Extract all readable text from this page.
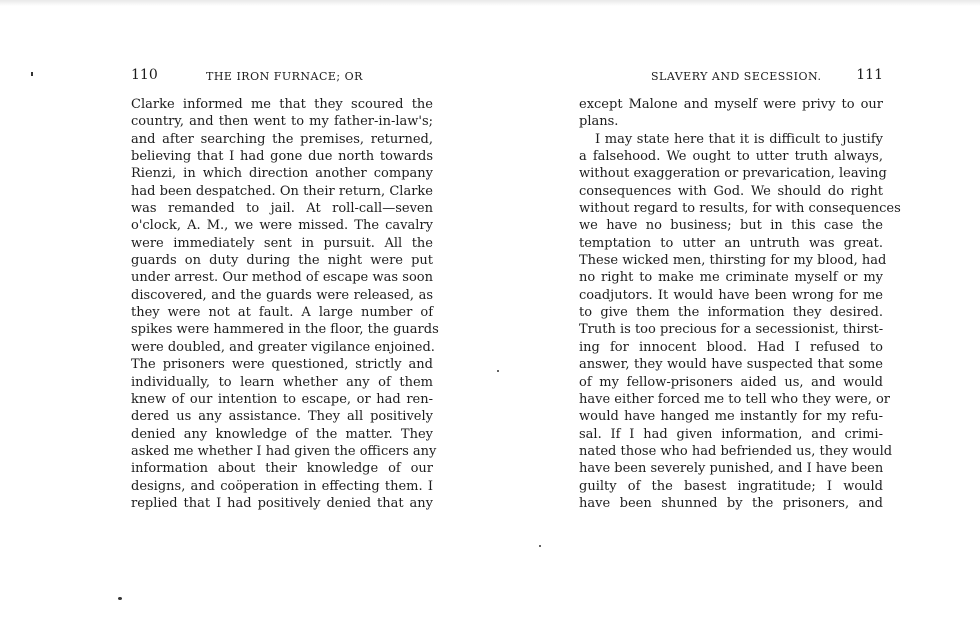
110	THE IRON FURNACE; OR
Clarke informed me that they scoured the
country, and then went to my father-in-law's;
and after searching the premises, returned,
believing that I had gone due north towards
Rienzi, in which direction another company
had been despatched. On their return, Clarke
was remanded to jail. At roll-call—seven
o'clock, A. M., we were missed. The cavalry
were immediately sent in pursuit. All the
guards on duty during the night were put
under arrest. Our method of escape was soon
discovered, and the guards were released, as
they were not at fault. A large number of
spikes were hammered in the floor, the guards
were doubled, and greater vigilance enjoined.
The prisoners were questioned, strictly and
individually, to learn whether any of them
knew of our intention to escape, or had ren-
dered us any assistance. They all positively
denied any knowledge of the matter. They
asked me whether I had given the officers any
information about their knowledge of our
designs, and coöperation in effecting them. I
replied that I had positively denied that any
SLAVERY AND SECESSION. 111
except Malone and myself were privy to our
plans.
I may state here that it is difficult to justify
a falsehood. We ought to utter truth always,
without exaggeration or prevarication, leaving
consequences with God. We should do right
without regard to results, for with consequences
we have no business; but in this case the
temptation to utter an untruth was great.
These wicked men, thirsting for my blood, had
no right to make me criminate myself or my
coadjutors. It would have been wrong for me
to give them the information they desired.
Truth is too precious for a secessionist, thirst-
ing for innocent blood. Had I refused to
answer, they would have suspected that some
of my fellow-prisoners aided us, and would
have either forced me to tell who they were, or
would have hanged me instantly for my refu-
sal. If I had given information, and crimi-
nated those who had befriended us, they would
have been severely punished, and I have been
guilty of the basest ingratitude; I would
have been shunned by the prisoners, and
